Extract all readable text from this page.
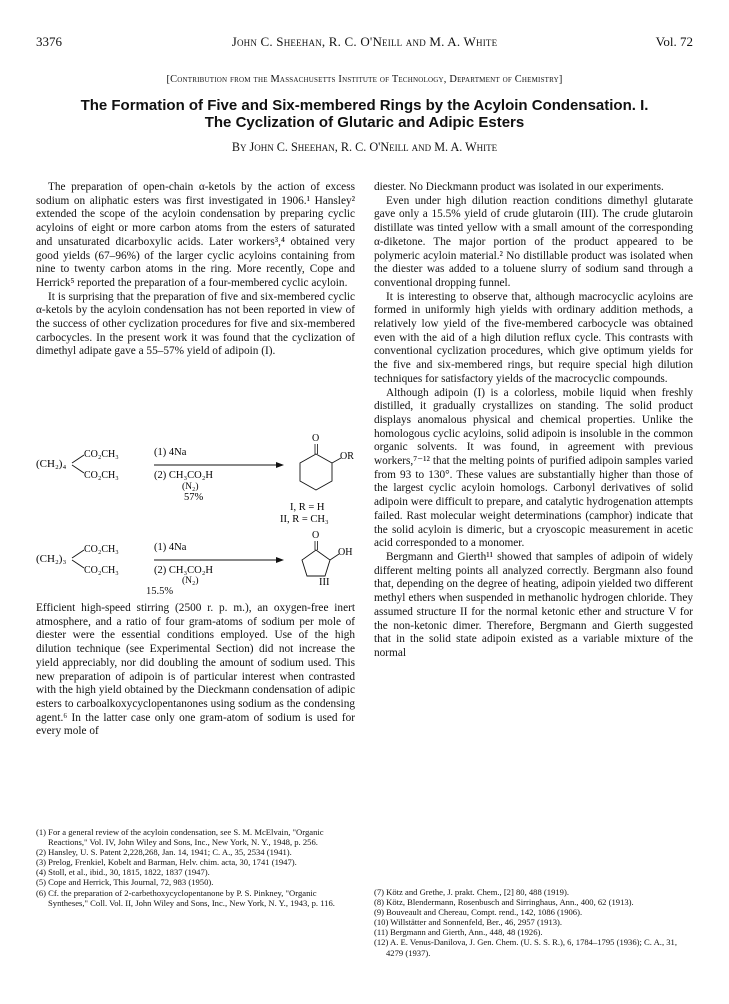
3376	John C. Sheehan, R. C. O'Neill and M. A. White	Vol. 72
[Contribution from the Massachusetts Institute of Technology, Department of Chemistry]
The Formation of Five and Six-membered Rings by the Acyloin Condensation. I.
The Cyclization of Glutaric and Adipic Esters
By John C. Sheehan, R. C. O'Neill and M. A. White

The preparation of open-chain α-ketols by the action of excess sodium on aliphatic esters was first investigated in 1906.¹ Hansley² extended the scope of the acyloin condensation by preparing cyclic acyloins of eight or more carbon atoms from the esters of saturated and unsaturated dicarboxylic acids. Later workers³,⁴ obtained very good yields (67–96%) of the larger cyclic acyloins containing from nine to twenty carbon atoms in the ring. More recently, Cope and Herrick⁵ reported the preparation of a four-membered cyclic acyloin.

It is surprising that the preparation of five and six-membered cyclic α-ketols by the acyloin condensation has not been reported in view of the success of other cyclization procedures for five and six-membered carbocycles. In the present work it was found that the cyclization of dimethyl adipate gave a 55–57% yield of adipoin (I).

(CH₂)₄
CO₂CH₃
CO₂CH₃
(1) 4Na
(2) CH₃CO₂H
(N₂)
57%
O
OR
I, R = H
II, R = CH₃
O
OH
(CH₂)₃
CO₂CH₃
CO₂CH₃
(1) 4Na
(2) CH₃CO₂H
(N₂)	III
15.5%

Efficient high-speed stirring (2500 r. p. m.), an oxygen-free inert atmosphere, and a ratio of four gram-atoms of sodium per mole of diester were the essential conditions employed. Use of the high dilution technique (see Experimental Section) did not increase the yield appreciably, nor did doubling the amount of sodium used. This new preparation of adipoin is of particular interest when contrasted with the high yield obtained by the Dieckmann condensation of adipic esters to carboalkoxycyclopentanones using sodium as the condensing agent.⁶ In the latter case only one gram-atom of sodium is used for every mole of

(1) For a general review of the acyloin condensation, see S. M. McElvain, "Organic Reactions," Vol. IV, John Wiley and Sons, Inc., New York, N. Y., 1948, p. 256.
(2) Hansley, U. S. Patent 2,228,268, Jan. 14, 1941; C. A., 35, 2534 (1941).
(3) Prelog, Frenkiel, Kobelt and Barman, Helv. chim. acta, 30, 1741 (1947).
(4) Stoll, et al., ibid., 30, 1815, 1822, 1837 (1947).
(5) Cope and Herrick, This Journal, 72, 983 (1950).
(6) Cf. the preparation of 2-carbethoxycyclopentanone by P. S. Pinkney, "Organic Syntheses," Coll. Vol. II, John Wiley and Sons, Inc., New York, N. Y., 1943, p. 116.

diester. No Dieckmann product was isolated in our experiments.

Even under high dilution reaction conditions dimethyl glutarate gave only a 15.5% yield of crude glutaroin (III). The crude glutaroin distillate was tinted yellow with a small amount of the corresponding α-diketone. The major portion of the product appeared to be polymeric acyloin material.² No distillable product was isolated when the diester was added to a toluene slurry of sodium sand through a conventional dropping funnel.

It is interesting to observe that, although macrocyclic acyloins are formed in uniformly high yields with ordinary addition methods, a relatively low yield of the five-membered carbocycle was obtained even with the aid of a high dilution reflux cycle. This contrasts with conventional cyclization procedures, which give optimum yields for the five and six-membered rings, but require special high dilution techniques for satisfactory yields of the macrocyclic compounds.

Although adipoin (I) is a colorless, mobile liquid when freshly distilled, it gradually crystallizes on standing. The solid product displays anomalous physical and chemical properties. Unlike the homologous cyclic acyloins, solid adipoin is insoluble in the common organic solvents. It was found, in agreement with previous workers,⁷⁻¹² that the melting points of purified adipoin samples varied from 93 to 130°. These values are substantially higher than those of the largest cyclic acyloin homologs. Carbonyl derivatives of solid adipoin were difficult to prepare, and catalytic hydrogenation attempts failed. Rast molecular weight determinations (camphor) indicate that the solid acyloin is dimeric, but a cryoscopic measurement in acetic acid corresponded to a monomer.

Bergmann and Gierth¹¹ showed that samples of adipoin of widely different melting points all analyzed correctly. Bergmann also found that, depending on the degree of heating, adipoin yielded two different methyl ethers when suspended in methanolic hydrogen chloride. They assumed structure II for the normal ketonic ether and structure V for the non-ketonic dimer. Therefore, Bergmann and Gierth suggested that in the solid state adipoin existed as a variable mixture of the normal

(7) Kötz and Grethe, J. prakt. Chem., [2] 80, 488 (1919).
(8) Kötz, Blendermann, Rosenbusch and Sirringhaus, Ann., 400, 62 (1913).
(9) Bouveault and Chereau, Compt. rend., 142, 1086 (1906).
(10) Willstätter and Sonnenfeld, Ber., 46, 2957 (1913).
(11) Bergmann and Gierth, Ann., 448, 48 (1926).
(12) A. E. Venus-Danilova, J. Gen. Chem. (U. S. S. R.), 6, 1784–1795 (1936); C. A., 31, 4279 (1937).
